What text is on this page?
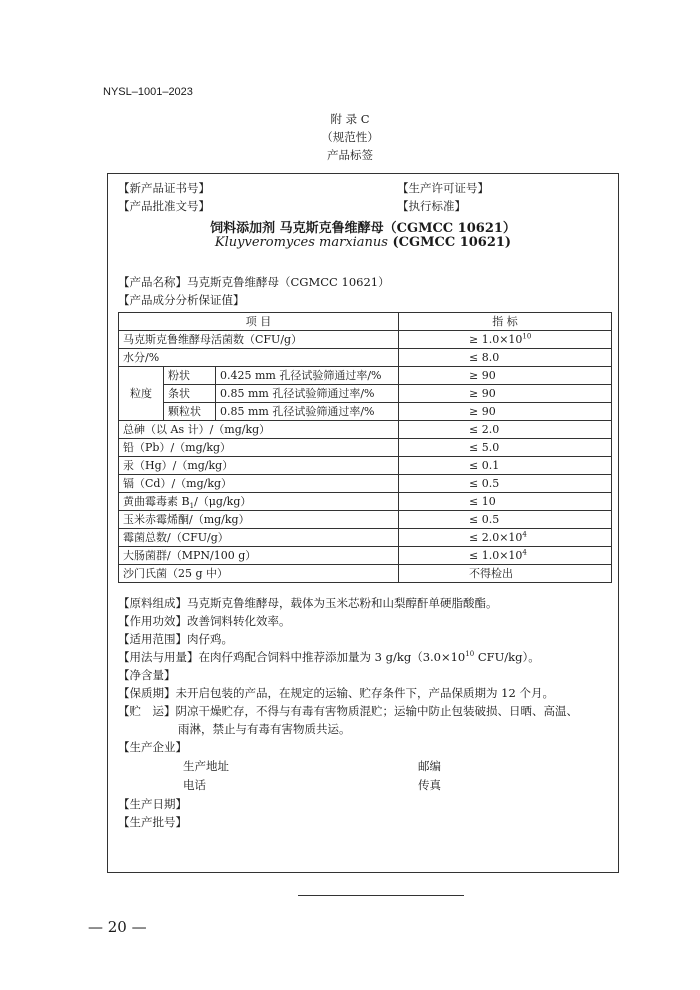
NYSL–1001–2023
附 录 C
（规范性）
产品标签
【新产品证书号】	【生产许可证号】
【产品批准文号】	【执行标准】
饲料添加剂 马克斯克鲁维酵母（CGMCC 10621）
Kluyveromyces marxianus (CGMCC 10621)
【产品名称】马克斯克鲁维酵母（CGMCC 10621）
【产品成分分析保证值】
项 目			指 标
马克斯克鲁维酵母活菌数（CFU/g）			≥ $1.0\times 10^{10}$
水分/%			≤ 8.0
粒度	粉状	0.425 mm 孔径试验筛通过率/%	≥ 90
	条状	0.85 mm 孔径试验筛通过率/%	≥ 90
	颗粒状	0.85 mm 孔径试验筛通过率/%	≥ 90
总砷（以 As 计）/（mg/kg）			≤ 2.0
铅（Pb）/（mg/kg）			≤ 5.0
汞（Hg）/（mg/kg）			≤ 0.1
镉（Cd）/（mg/kg）			≤ 0.5
黄曲霉毒素 $B_1/(\mu g/kg)$			≤ 10
玉米赤霉烯酮/（mg/kg）			≤ 0.5
霉菌总数/（CFU/g）			≤ $2.0\times 10^4$
大肠菌群/（MPN/100 g）			≤ $1.0\times 10^4$
沙门氏菌（25 g 中）			不得检出
【原料组成】马克斯克鲁维酵母，载体为玉米芯粉和山梨醇酐单硬脂酸酯。
【作用功效】改善饲料转化效率。
【适用范围】肉仔鸡。
【用法与用量】在肉仔鸡配合饲料中推荐添加量为 3 $g/kg(3.0\times 10^{10}$ CFU/kg）。
【净含量】
【保质期】未开启包装的产品，在规定的运输、贮存条件下，产品保质期为 12 个月。
【贮　运】阴凉干燥贮存，不得与有毒有害物质混贮；运输中防止包装破损、日晒、高温、
雨淋，禁止与有毒有害物质共运。
【生产企业】
生产地址	邮编
电话	传真
【生产日期】
【生产批号】
— 20 —
